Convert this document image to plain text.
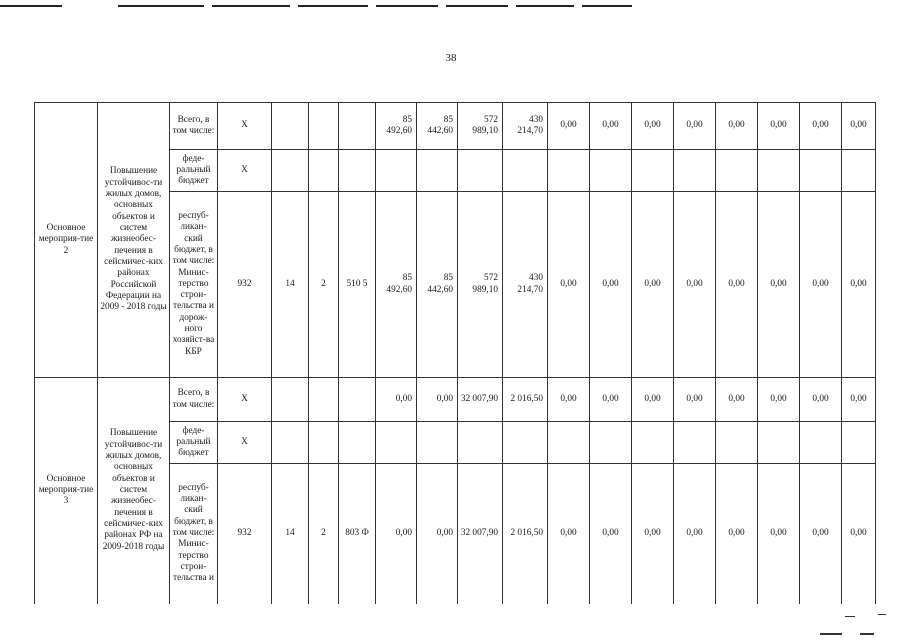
38
Основное мероприя-тие 2	Повышение устойчивос-ти жилых домов, основных объектов и систем жизнеобес-печения в сейсмичес-ких районах Российской Федерации на 2009 - 2018 годы	Всего, в том числе:	X				85 492,60	85 442,60	572 989,10	430 214,70	0,00	0,00	0,00	0,00	0,00	0,00	0,00	0,00
		феде-ральный бюджет	X															
		респуб-ликан-ский бюджет, в том числе: Минис-терство строи-тельства и дорож-ного хозяйст-ва КБР	932	14	2	510 5	85 492,60	85 442,60	572 989,10	430 214,70	0,00	0,00	0,00	0,00	0,00	0,00	0,00	0,00
Основное мероприя-тие 3	Повышение устойчивос-ти жилых домов, основных объектов и систем жизнеобес-печения в сейсмичес-ких районах РФ на 2009-2018 годы	Всего, в том числе:	X				0,00	0,00	32 007,90	2 016,50	0,00	0,00	0,00	0,00	0,00	0,00	0,00	0,00
		феде-ральный бюджет	X															
		респуб-ликан-ский бюджет, в том числе: Минис-терство строи-тельства и	932	14	2	803 Ф	0,00	0,00	32 007,90	2 016,50	0,00	0,00	0,00	0,00	0,00	0,00	0,00	0,00
